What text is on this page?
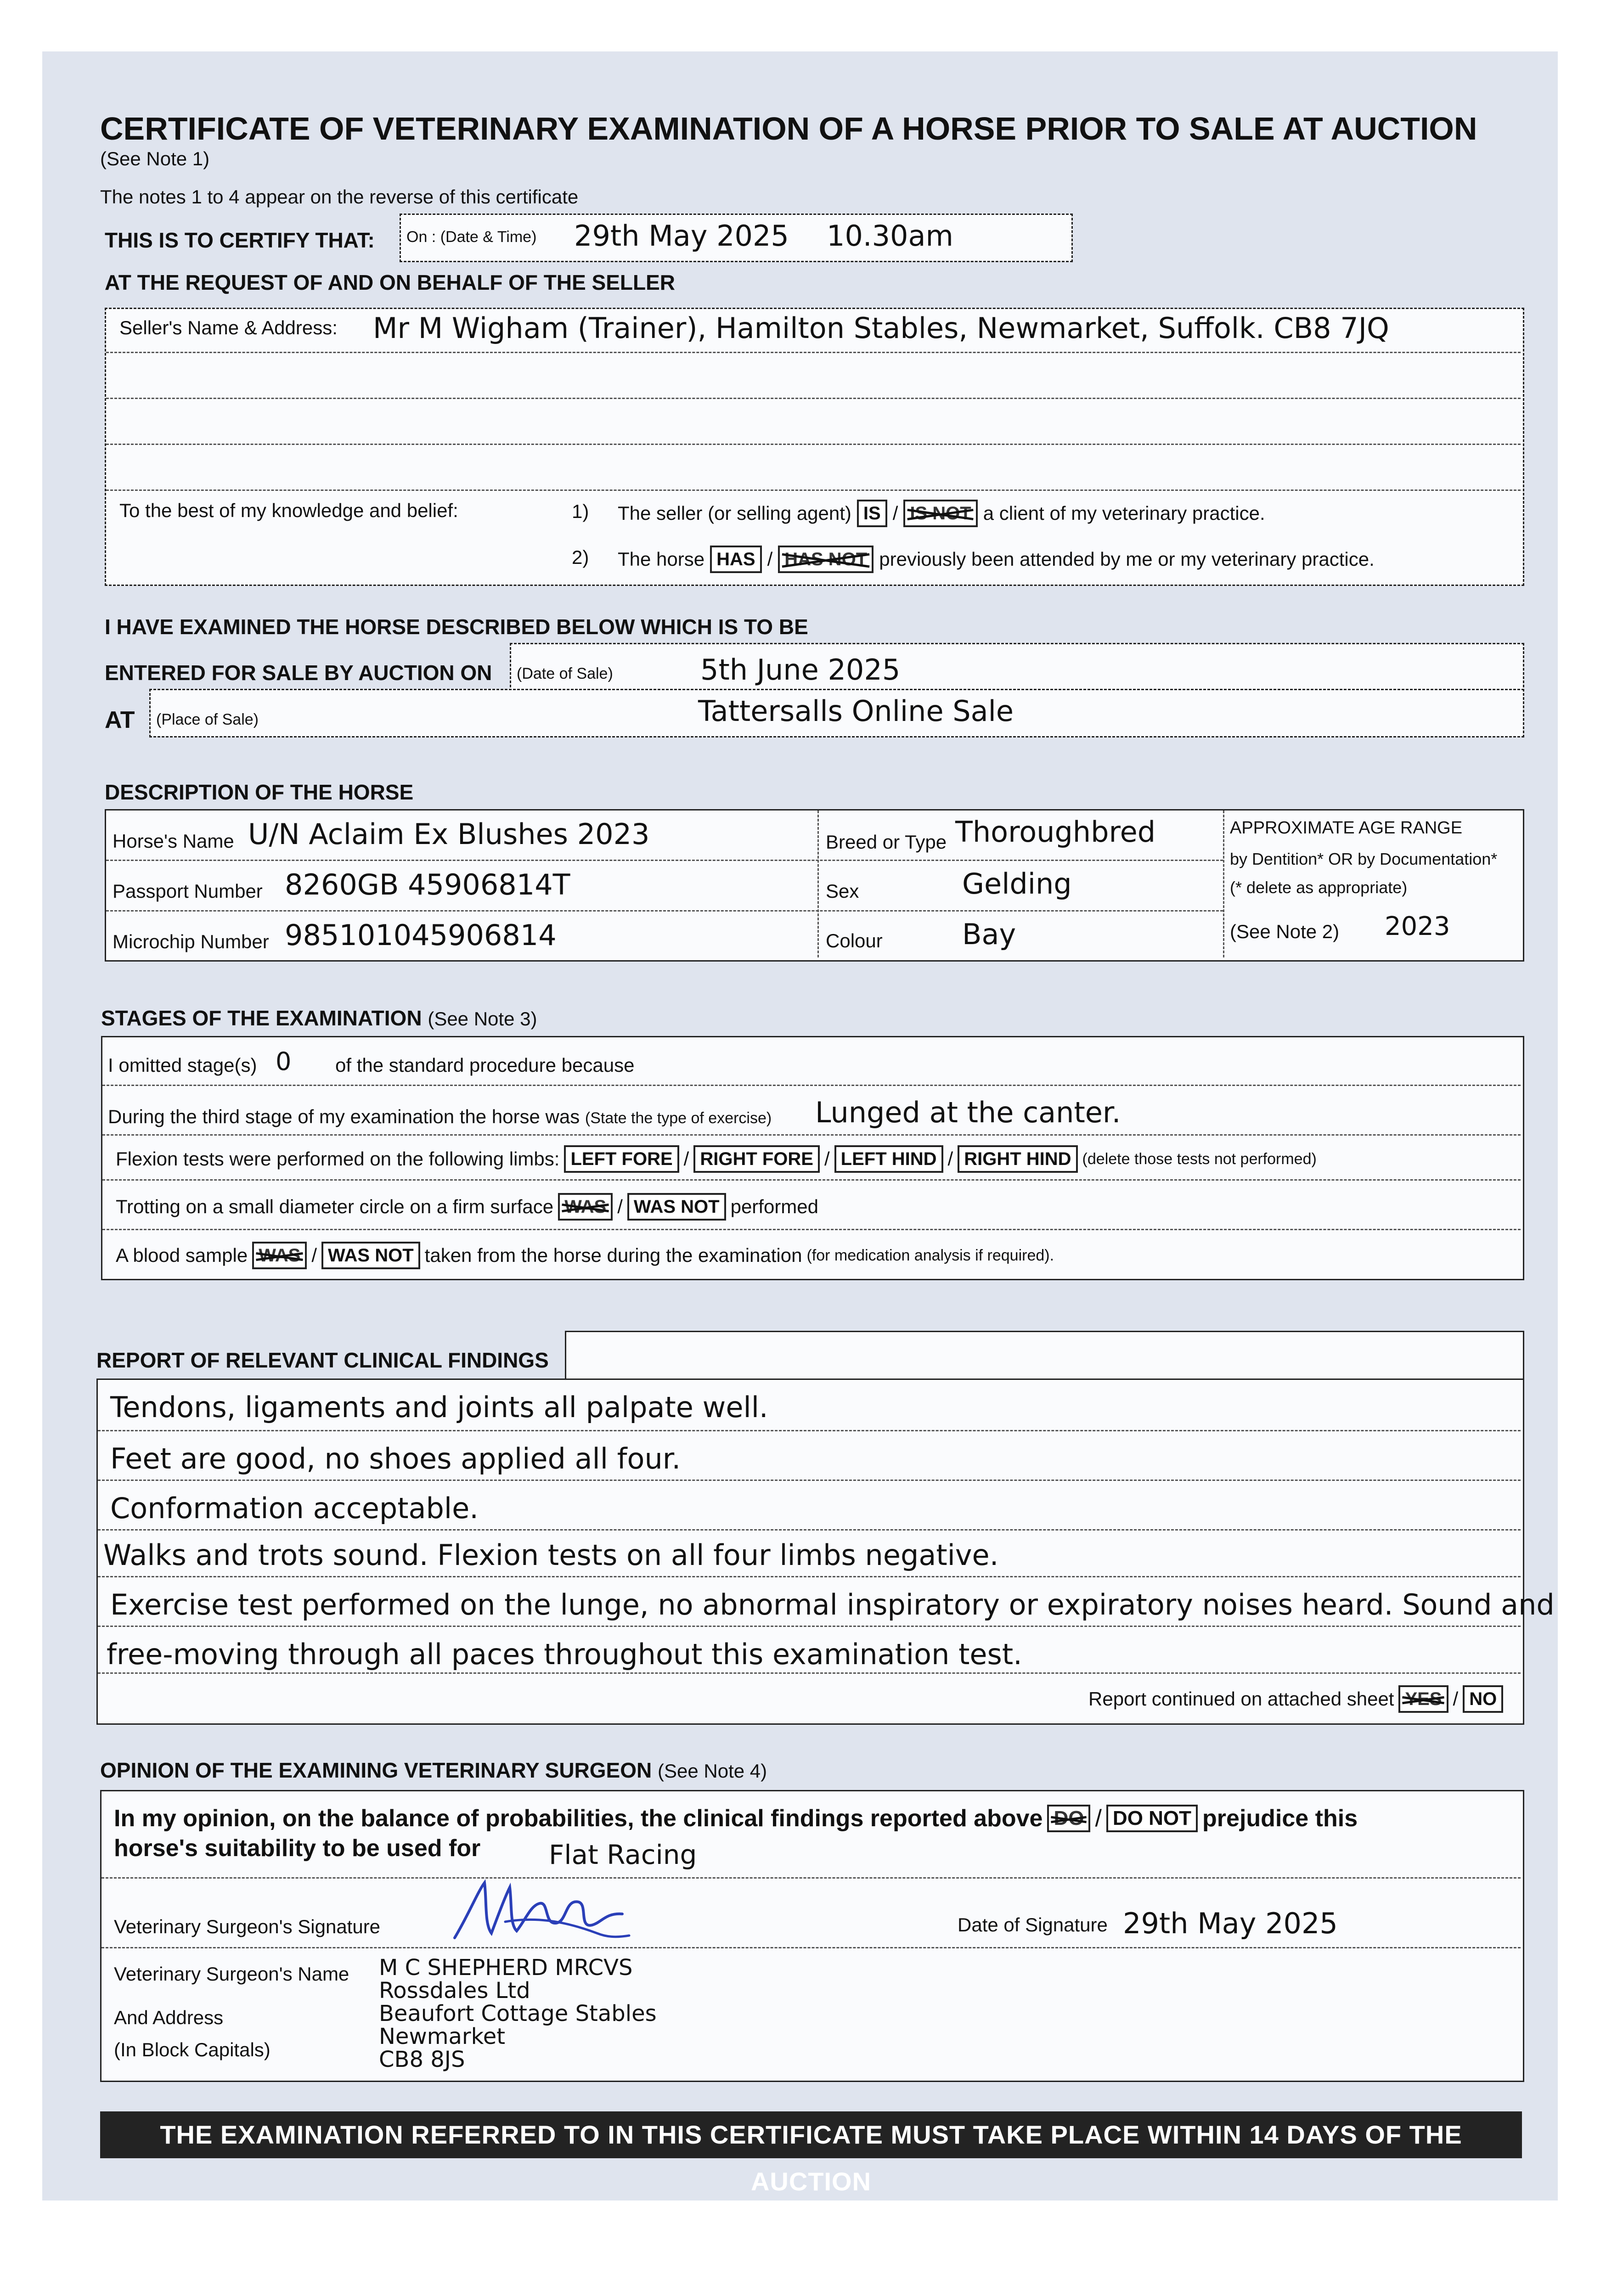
CERTIFICATE OF VETERINARY EXAMINATION OF A HORSE PRIOR TO SALE AT AUCTION
(See Note 1)
The notes 1 to 4 appear on the reverse of this certificate
THIS IS TO CERTIFY THAT: On : (Date & Time) 29th May 2025 10.30am
AT THE REQUEST OF AND ON BEHALF OF THE SELLER
Seller's Name & Address: Mr M Wigham (Trainer), Hamilton Stables, Newmarket, Suffolk. CB8 7JQ
To the best of my knowledge and belief:	1) The seller (or selling agent) IS / IS NOT a client of my veterinary practice.
2) The horse HAS / HAS NOT previously been attended by me or my veterinary practice.
I HAVE EXAMINED THE HORSE DESCRIBED BELOW WHICH IS TO BE
ENTERED FOR SALE BY AUCTION ON (Date of Sale)	5th June 2025
AT (Place of Sale)	Tattersalls Online Sale
DESCRIPTION OF THE HORSE
Horse's Name U/N Aclaim Ex Blushes 2023
Passport Number 8260GB 45906814T
Microchip Number 985101045906814
Breed or Type Thoroughbred
Sex	Gelding
Colour	Bay
APPROXIMATE AGE RANGE
by Dentition* OR by Documentation*
(* delete as appropriate)
(See Note 2) 2023
STAGES OF THE EXAMINATION (See Note 3)
I omitted stage(s) 0 of the standard procedure because
During the third stage of my examination the horse was (State the type of exercise) Lunged at the canter.
Flexion tests were performed on the following limbs: LEFT FORE / RIGHT FORE / LEFT HIND / RIGHT HIND (delete those tests not performed)
Trotting on a small diameter circle on a firm surface WAS / WAS NOT performed
A blood sample WAS / WAS NOT taken from the horse during the examination (for medication analysis if required).
REPORT OF RELEVANT CLINICAL FINDINGS
Tendons, ligaments and joints all palpate well.
Feet are good, no shoes applied all four.
Conformation acceptable.
Walks and trots sound. Flexion tests on all four limbs negative.
Exercise test performed on the lunge, no abnormal inspiratory or expiratory noises heard. Sound and
free-moving through all paces throughout this examination test.
Report continued on attached sheet YES / NO
OPINION OF THE EXAMINING VETERINARY SURGEON (See Note 4)
In my opinion, on the balance of probabilities, the clinical findings reported above DO / DO NOT prejudice this
horse's suitability to be used for	Flat Racing
Veterinary Surgeon's Signature	Date of Signature 29th May 2025
Veterinary Surgeon's Name
And Address
(In Block Capitals)
M C SHEPHERD MRCVS
Rossdales Ltd
Beaufort Cottage Stables
Newmarket
CB8 8JS
THE EXAMINATION REFERRED TO IN THIS CERTIFICATE MUST TAKE PLACE WITHIN 14 DAYS OF THE AUCTION
